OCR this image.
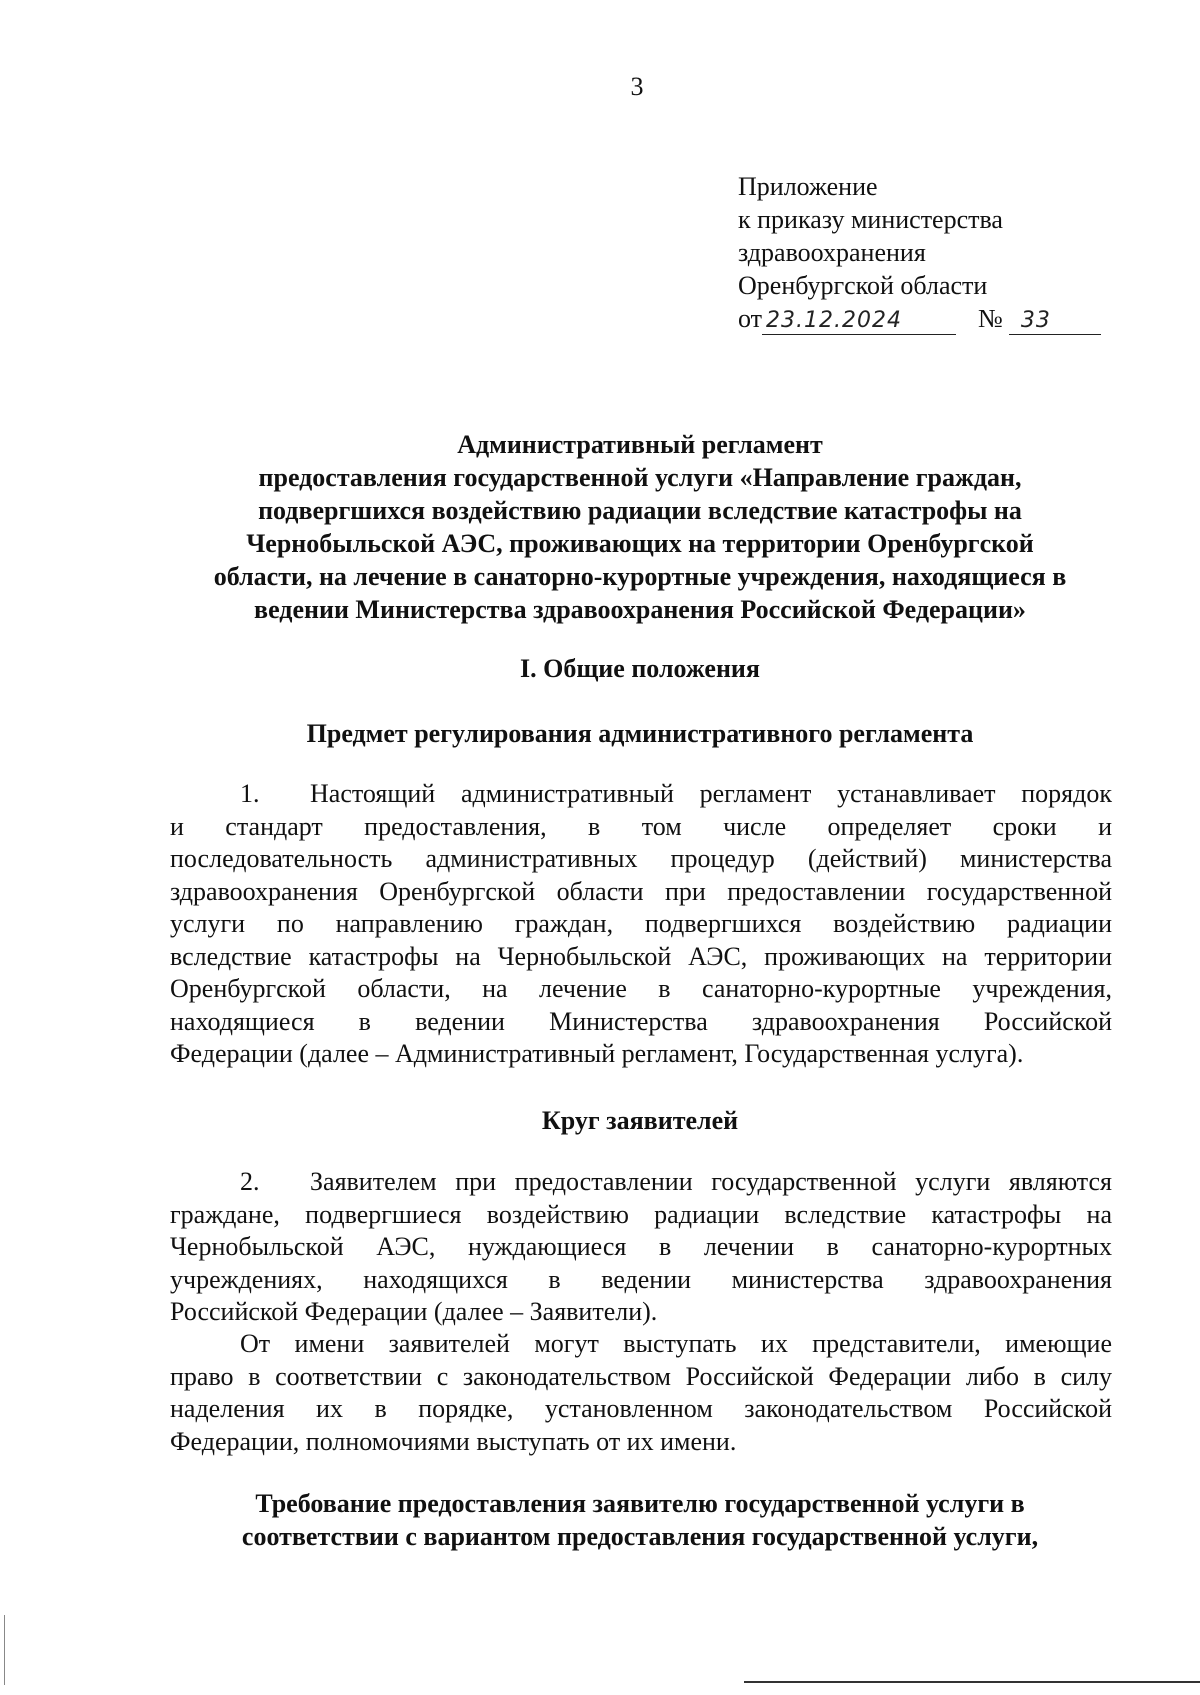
3
Приложение
к приказу министерства
здравоохранения
Оренбургской области
от 23.12.2024	№ 33
Административный регламент
предоставления государственной услуги «Направление граждан,
подвергшихся воздействию радиации вследствие катастрофы на
Чернобыльской АЭС, проживающих на территории Оренбургской
области, на лечение в санаторно-курортные учреждения, находящиеся в
ведении Министерства здравоохранения Российской Федерации»
I. Общие положения
Предмет регулирования административного регламента
1. Настоящий административный регламент устанавливает порядок
и стандарт предоставления, в том числе определяет сроки и
последовательность административных процедур (действий) министерства
здравоохранения Оренбургской области при предоставлении государственной
услуги по направлению граждан, подвергшихся воздействию радиации
вследствие катастрофы на Чернобыльской АЭС, проживающих на территории
Оренбургской области, на лечение в санаторно-курортные учреждения,
находящиеся в ведении Министерства здравоохранения Российской
Федерации (далее – Административный регламент, Государственная услуга).
Круг заявителей
2. Заявителем при предоставлении государственной услуги являются
граждане, подвергшиеся воздействию радиации вследствие катастрофы на
Чернобыльской АЭС, нуждающиеся в лечении в санаторно-курортных
учреждениях, находящихся в ведении министерства здравоохранения
Российской Федерации (далее – Заявители).
От имени заявителей могут выступать их представители, имеющие
право в соответствии с законодательством Российской Федерации либо в силу
наделения их в порядке, установленном законодательством Российской
Федерации, полномочиями выступать от их имени.
Требование предоставления заявителю государственной услуги в
соответствии с вариантом предоставления государственной услуги,
